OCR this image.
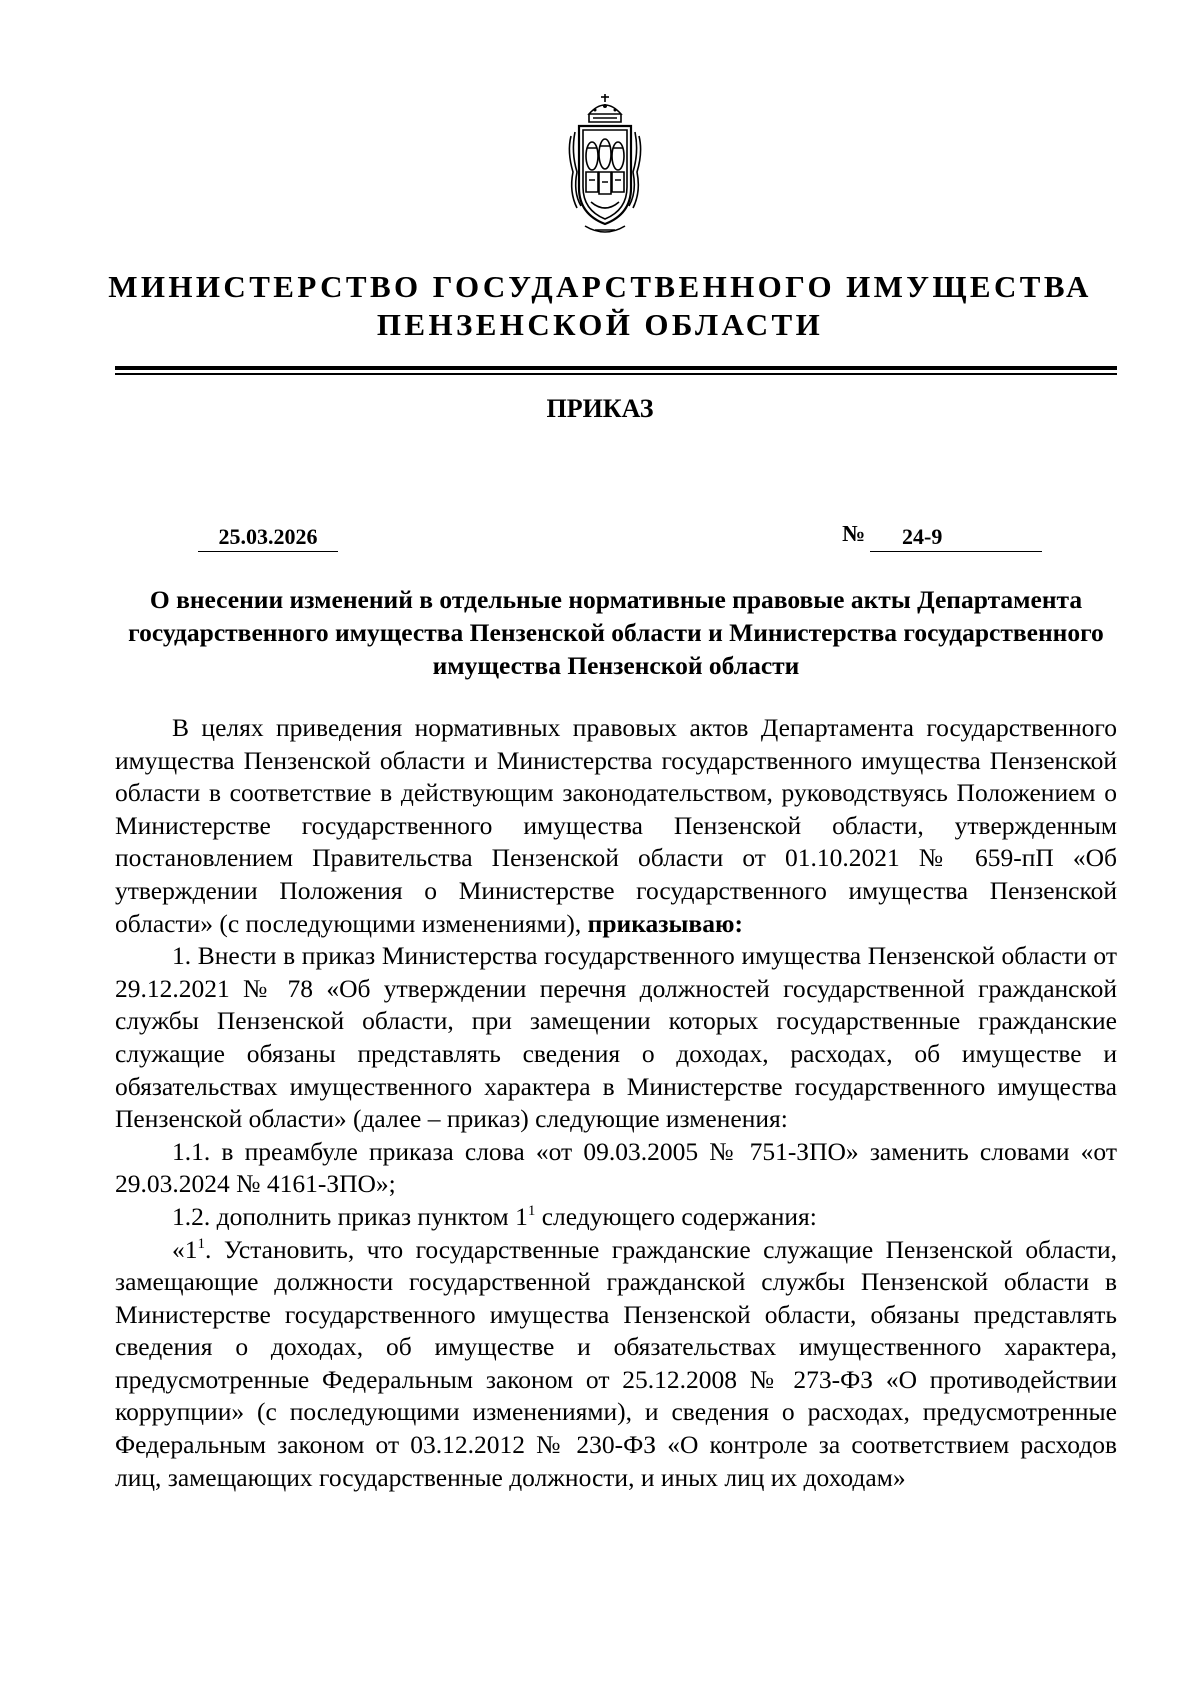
МИНИСТЕРСТВО ГОСУДАРСТВЕННОГО ИМУЩЕСТВА
ПЕНЗЕНСКОЙ ОБЛАСТИ
ПРИКАЗ
25.03.2026	№	24-9
О внесении изменений в отдельные нормативные правовые акты Департамента государственного имущества Пензенской области и Министерства государственного имущества Пензенской области

В целях приведения нормативных правовых актов Департамента государственного имущества Пензенской области и Министерства государственного имущества Пензенской области в соответствие в действующим законодательством, руководствуясь Положением о Министерстве государственного имущества Пензенской области, утвержденным постановлением Правительства Пензенской области от 01.10.2021 № 659-пП «Об утверждении Положения о Министерстве государственного имущества Пензенской области» (с последующими изменениями), приказываю:

1. Внести в приказ Министерства государственного имущества Пензенской области от 29.12.2021 № 78 «Об утверждении перечня должностей государственной гражданской службы Пензенской области, при замещении которых государственные гражданские служащие обязаны представлять сведения о доходах, расходах, об имуществе и обязательствах имущественного характера в Министерстве государственного имущества Пензенской области» (далее – приказ) следующие изменения:

1.1. в преамбуле приказа слова «от 09.03.2005 № 751-ЗПО» заменить словами «от 29.03.2024 № 4161-ЗПО»;

1.2. дополнить приказ пунктом $1^1$ следующего содержания:

«$1^1$. Установить, что государственные гражданские служащие Пензенской области, замещающие должности государственной гражданской службы Пензенской области в Министерстве государственного имущества Пензенской области, обязаны представлять сведения о доходах, об имуществе и обязательствах имущественного характера, предусмотренные Федеральным законом от 25.12.2008 № 273-ФЗ «О противодействии коррупции» (с последующими изменениями), и сведения о расходах, предусмотренные Федеральным законом от 03.12.2012 № 230-ФЗ «О контроле за соответствием расходов лиц, замещающих государственные должности, и иных лиц их доходам»
